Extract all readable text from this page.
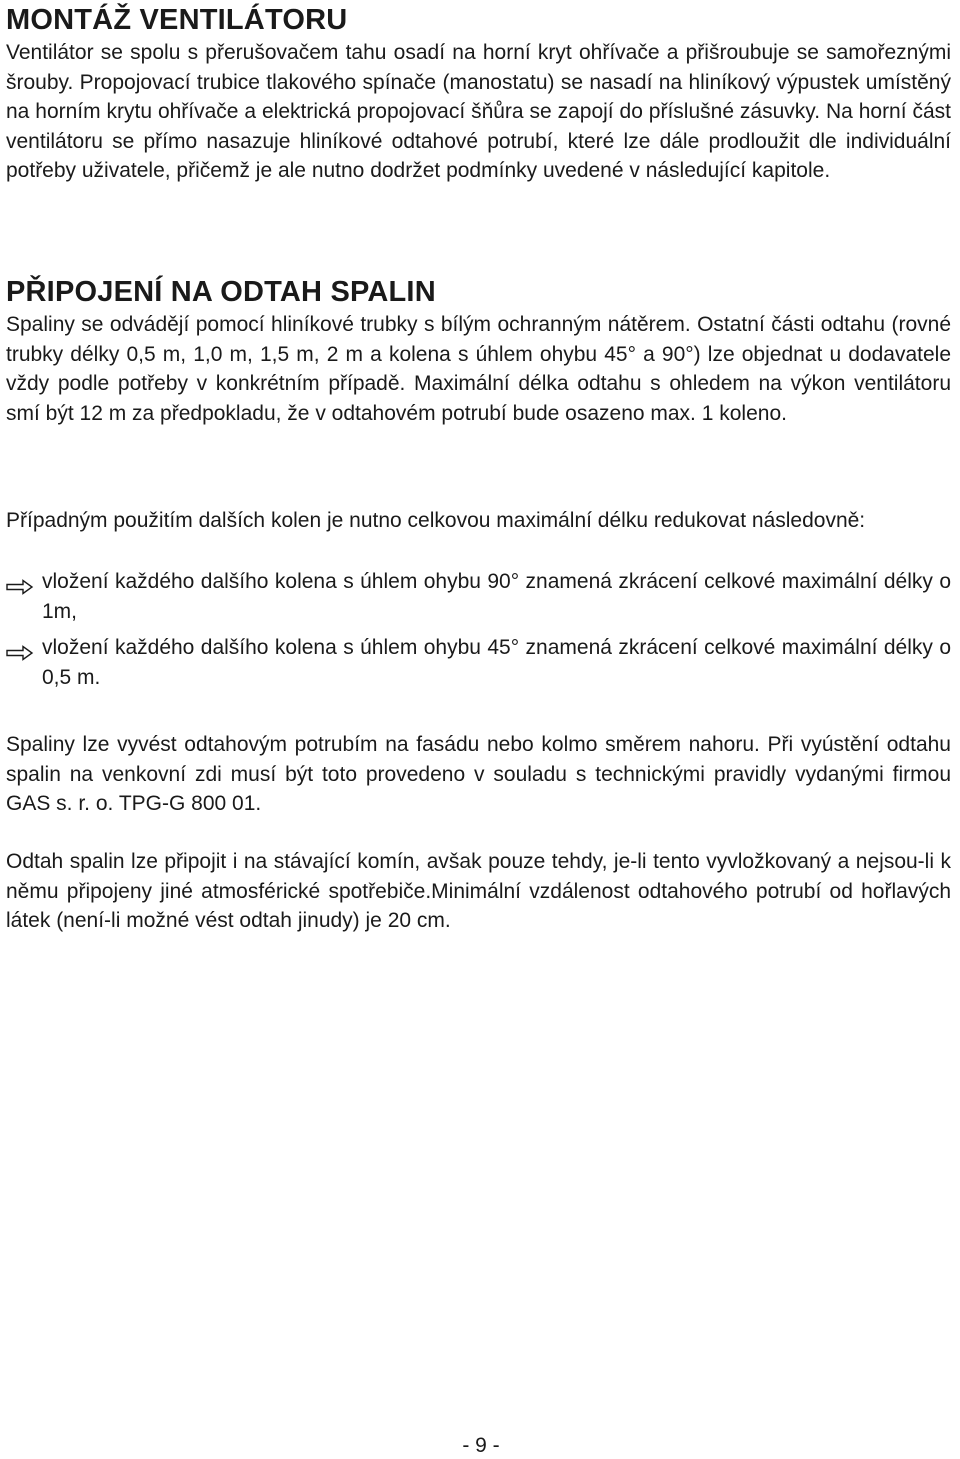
MONTÁŽ VENTILÁTORU

Ventilátor se spolu s přerušovačem tahu osadí na horní kryt ohřívače a přišroubuje se samořeznými šrouby. Propojovací trubice tlakového spínače (manostatu) se nasadí na hliníkový výpustek umístěný na horním krytu ohřívače a elektrická propojovací šňůra se zapojí do příslušné zásuvky. Na horní část ventilátoru se přímo nasazuje hliníkové odtahové potrubí, které lze dále prodloužit dle individuální potřeby uživatele, přičemž je ale nutno dodržet podmínky uvedené v následující kapitole.

PŘIPOJENÍ NA ODTAH SPALIN

Spaliny se odvádějí pomocí hliníkové trubky s bílým ochranným nátěrem. Ostatní části odtahu (rovné trubky délky 0,5 m, 1,0 m, 1,5 m, 2 m a kolena s úhlem ohybu 45° a 90°) lze objednat u dodavatele vždy podle potřeby v konkrétním případě. Maximální délka odtahu s ohledem na výkon ventilátoru smí být 12 m za předpokladu, že v odtahovém potrubí bude osazeno max. 1 koleno.

Případným použitím dalších kolen je nutno celkovou maximální délku redukovat následovně:

vložení každého dalšího kolena s úhlem ohybu 90° znamená zkrácení celkové maximální délky o 1m,
vložení každého dalšího kolena s úhlem ohybu 45° znamená zkrácení celkové maximální délky o 0,5 m.

Spaliny lze vyvést odtahovým potrubím na fasádu nebo kolmo směrem nahoru. Při vyústění odtahu spalin na venkovní zdi musí být toto provedeno v souladu s technickými pravidly vydanými firmou GAS s. r. o. TPG-G 800 01.

Odtah spalin lze připojit i na stávající komín, avšak pouze tehdy, je-li tento vyvložkovaný a nejsou-li k němu připojeny jiné atmosférické spotřebiče.Minimální vzdálenost odtahového potrubí od hořlavých látek (není-li možné vést odtah jinudy) je 20 cm.

- 9 -
